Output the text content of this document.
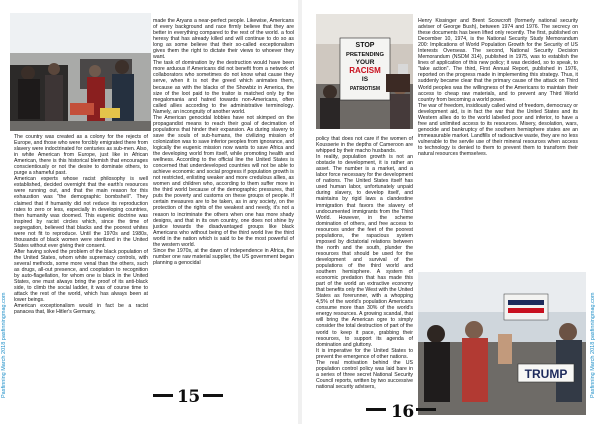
Pasfinning March 2018 pasfinningmag.com

The country was created as a colony for the rejects of Europe, and those who were forcibly emigrated there from slavery were indoctrinated for centuries as sub-men. Also, in white American from Europe, just like in African American, there is this historical blemish that encourages conscientiously or not the desire to dominate others, to purge a shameful past.

American experts whose racist philosophy is well established, decided overnight that the earth's resources were running out, and that the main reason for this exhaustion was "the demographic bombshell". They claimed that if humanity did not reduce its reproduction rates to zero or less, especially in developing countries, then humanity was doomed. This eugenic doctrine was inspired by racist circles which, since the time of segregation, believed that blacks and the poorest whites were not fit to reproduce. Until the 1970s and 1980s, thousands of black women were sterilized in the United States without ever giving their consent.

After having solved the problem of the black population of the United States, whom white supremacy controls, with several methods, some more venal than the others, such as drugs, all-out presence, and cooptation to recognition by auto-flagellation, for whom one is black in the United States, one must always bring the proof of its anti-black side, to climb the social ladder, it was of course time to attack the rest of the world, which has always been at lower beings.

American exceptionalism would in fact be a racist panacea that, like Hitler's Germany,

made the Aryans a near-perfect people. Likewise, Americans of every background and race firmly believe that they are better in everything compared to the rest of the world. a fool heresy that has already killed and will continue to do so as long as some believe that their so-called exceptionalism gives them the right to dictate their views to whoever they want.

The task of domination by the destruction would have been more arduous if Americans did not benefit from a network of collaborators who sometimes do not know what cause they serve, when it is not the greed which animates them, because as with the blacks of the Showbiz in America, the size of the loot paid to the traitor is matched only by the megalomania and hatred towards non-Americans, often called allies according to the administrative terminology. Namely, an incongruity of another world.

The American genocidal lobbies have not skimped on the propagandist means to reach their goal of decimation of populations that hinder their expansion. As during slavery to save the souls of sub-humans, the civilizing mission of colonization was to save inferior peoples from ignorance, and logically the eugenic mission now wants to save Africa and the developing world from itself, while promoting health and wellness. According to the official line the United States is concerned that underdeveloped countries will not be able to achieve economic and social progress if population growth is not restricted, enlisting weaker and more credulous allies, as women and children who, according to them suffer more in the third world because of the demographic pressures, that puts the poverty and customs on these groups of people. If certain measures are to be taken, as in any society, on the protection of the rights of the weakest and needy, it's not a reason to incriminate the others when one has more shady designs, and that in its own country, one does not shine by justice towards the disadvantaged groups like black Americans who without being of the third world live the third world in the nation which is said to be the most powerful of the western world.

Since the 1970s, at the dawn of independence in Africa, the number one raw material supplier, the US government began planning a genocidal

15
STOP
PRETENDING
YOUR
RACISM
IS
PATRIOTISM

policy that does not care if the women of Kousserie in the depths of Cameroon are whipped by their macho husbands.

In reality, population growth is not an obstacle to development, it is rather an asset. The number is a market, and a labor force necessary for the development of nations. The United States itself has used human labor, unfortunately unpaid during slavery, to develop itself, and maintains by rigid laws a clandestine immigration that favors the slavery of undocumented immigrants from the Third World. However, in the scheme domination of others, and free access to resources under the feet of the poorest populations, the rapacious system imposed by dictatorial relations between the north and the south, plunder the resources that should be used for the development and survival of the populations of the third world and southern hemisphere. A system of economic predation that has made this part of the world an extractive economy that benefits only the West with the United States as forerunner, with a whopping 4,5% of the world's population Americans consume more than 30% of the world's energy resources. A growing scandal, that will bring the American ogre to simply consider the total destruction of part of the world to keep it pace, grabbing their resources, to support its agenda of domination and gluttony.

It is imperative for the United States to prevent the emergence of other nations.

The real motivation behind the US population control policy was laid bare in a series of three secret National Security Council reports, written by two successive national security advisers,

Henry Kissinger and Brent Scowcroft (formerly national security adviser of George Bush), between 1974 and 1976. The secrecy on these documents has been lifted only recently. The first, published on December 10, 1974, is the National Security Study Memorandum 200: Implications of World Population Growth for the Security of US Interests Overseas. The second, National Security Decision Memorandum (NSDM 314), published in 1975, was to establish the lines of application of this new policy; it was decided, so to speak, to "take action". The third, First Annual Report, published in 1976, reported on the progress made in implementing this strategy. Thus, it suddenly became clear that the primary cause of the attack on Third World peoples was the willingness of the Americans to maintain their access to cheap raw materials, and to prevent any Third World country from becoming a world power.

The war of freedom, insidiously called wind of freedom, democracy or development aid, is in fact the war that the United States and its Western allies do to the world labelled poor and inferior, to have a free and unlimited access to its resources. Misery, desolation, wars, genocide and bankruptcy of the southern hemisphere states are an immeasurable market. Landfills of radioactive waste, they are no less vulnerable to the servile use of their mineral resources when access to technology is denied to them to prevent them to transform their natural resources themselves.

TRUMP
16
Pasfinning March 2018 pasfinningmag.com
